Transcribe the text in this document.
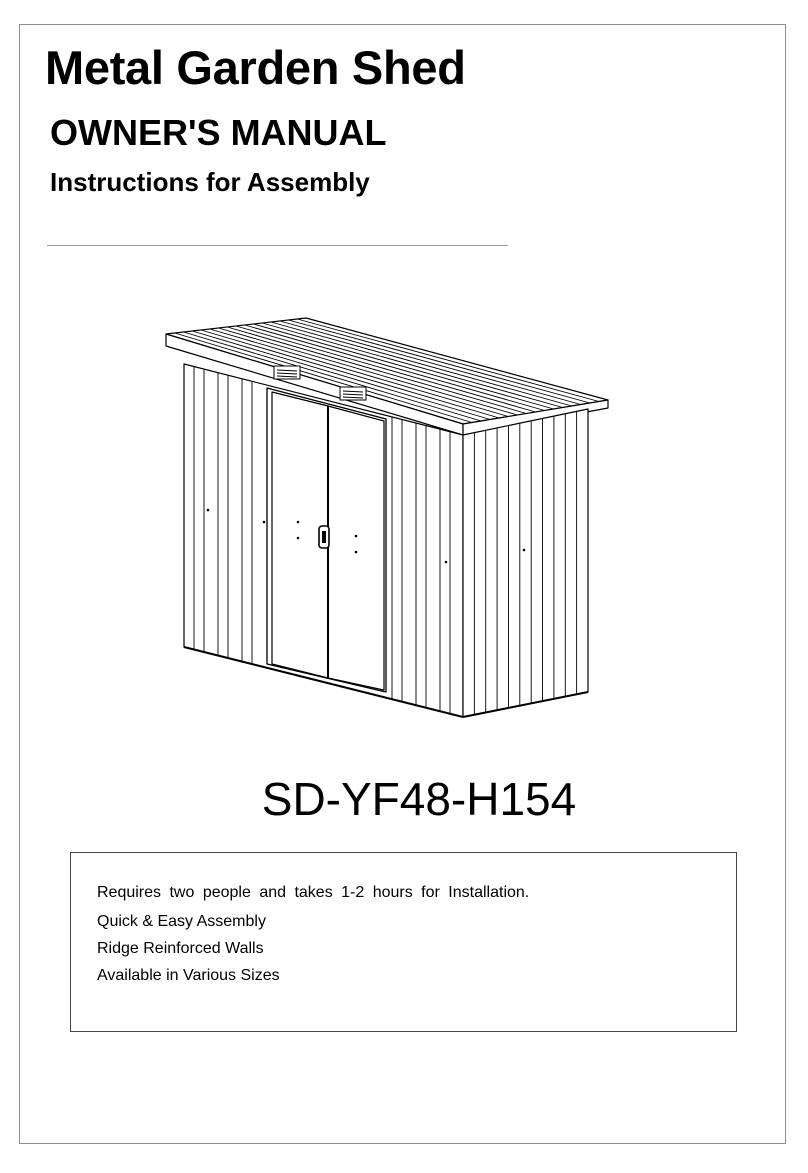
Metal Garden Shed
OWNER'S MANUAL
Instructions for Assembly
SD-YF48-H154
Requires two people and takes 1-2 hours for Installation.
Quick & Easy Assembly
Ridge Reinforced Walls
Available in Various Sizes
